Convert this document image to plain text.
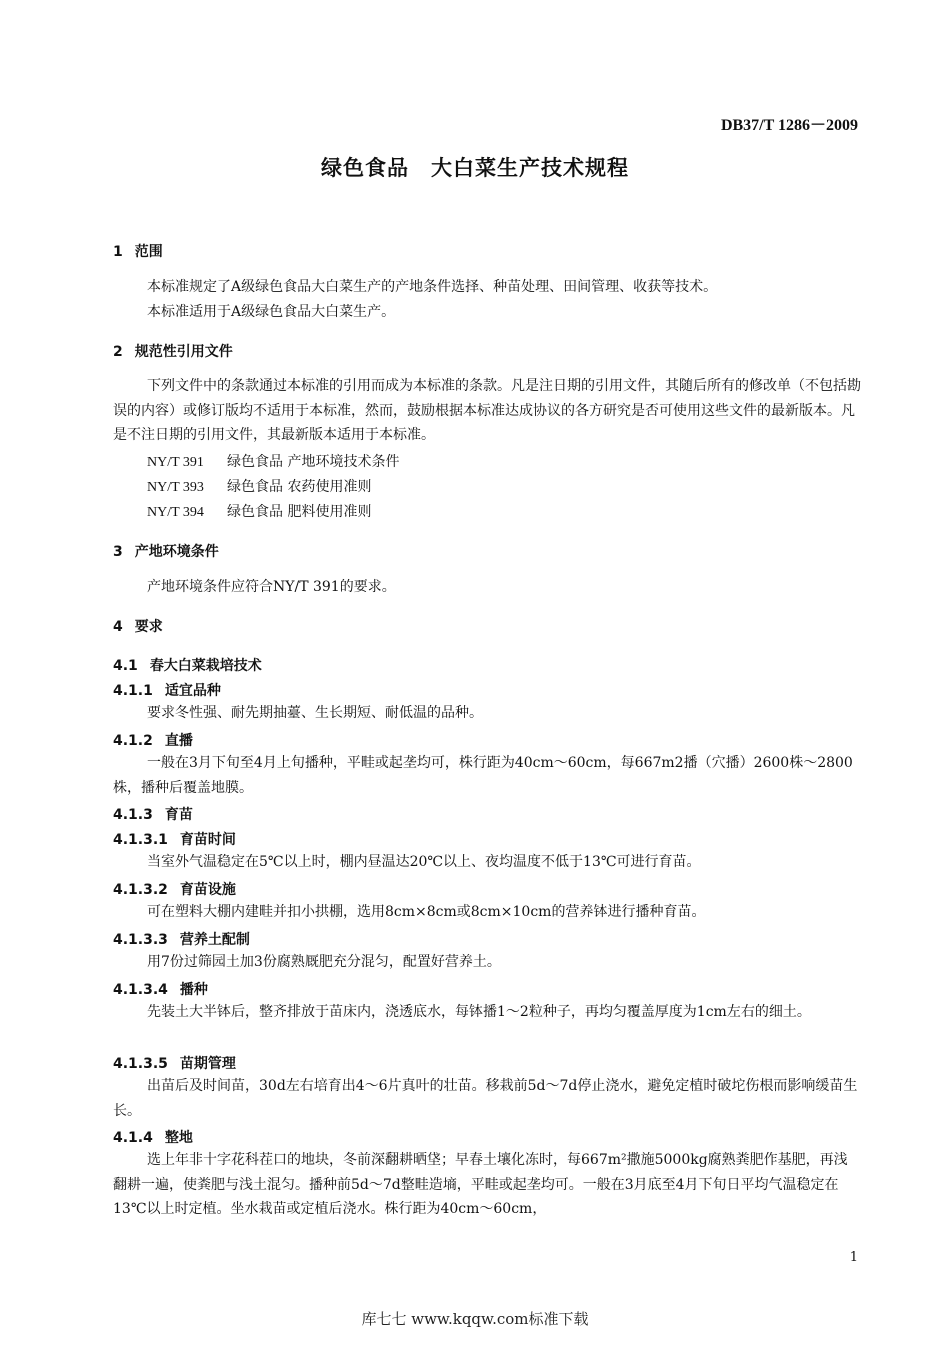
DB37/T 1286－2009
绿色食品　大白菜生产技术规程
1 范围
本标准规定了A级绿色食品大白菜生产的产地条件选择、种苗处理、田间管理、收获等技术。
本标准适用于A级绿色食品大白菜生产。
2 规范性引用文件
下列文件中的条款通过本标准的引用而成为本标准的条款。凡是注日期的引用文件，其随后所有的修改单（不包括勘误的内容）或修订版均不适用于本标准，然而，鼓励根据本标准达成协议的各方研究是否可使用这些文件的最新版本。凡是不注日期的引用文件，其最新版本适用于本标准。
NY/T 391 绿色食品 产地环境技术条件
NY/T 393 绿色食品 农药使用准则
NY/T 394 绿色食品 肥料使用准则
3 产地环境条件
产地环境条件应符合NY/T 391的要求。
4 要求
4.1 春大白菜栽培技术
4.1.1 适宜品种
要求冬性强、耐先期抽薹、生长期短、耐低温的品种。
4.1.2 直播
一般在3月下旬至4月上旬播种，平畦或起垄均可，株行距为40cm～60cm，每667m2播（穴播）2600株～2800株，播种后覆盖地膜。
4.1.3 育苗
4.1.3.1 育苗时间
当室外气温稳定在5℃以上时，棚内昼温达20℃以上、夜均温度不低于13℃可进行育苗。
4.1.3.2 育苗设施
可在塑料大棚内建畦并扣小拱棚，选用8cm×8cm或8cm×10cm的营养钵进行播种育苗。
4.1.3.3 营养土配制
用7份过筛园土加3份腐熟厩肥充分混匀，配置好营养土。
4.1.3.4 播种
先装土大半钵后，整齐排放于苗床内，浇透底水，每钵播1～2粒种子，再均匀覆盖厚度为1cm左右的细土。
4.1.3.5 苗期管理
出苗后及时间苗，30d左右培育出4～6片真叶的壮苗。移栽前5d～7d停止浇水，避免定植时破坨伤根而影响缓苗生长。
4.1.4 整地
选上年非十字花科茬口的地块，冬前深翻耕晒垡；早春土壤化冻时，每667m²撒施5000kg腐熟粪肥作基肥，再浅翻耕一遍，使粪肥与浅土混匀。播种前5d～7d整畦造墒，平畦或起垄均可。一般在3月底至4月下旬日平均气温稳定在13℃以上时定植。坐水栽苗或定植后浇水。株行距为40cm～60cm，
1
库七七 www.kqqw.com标准下载
